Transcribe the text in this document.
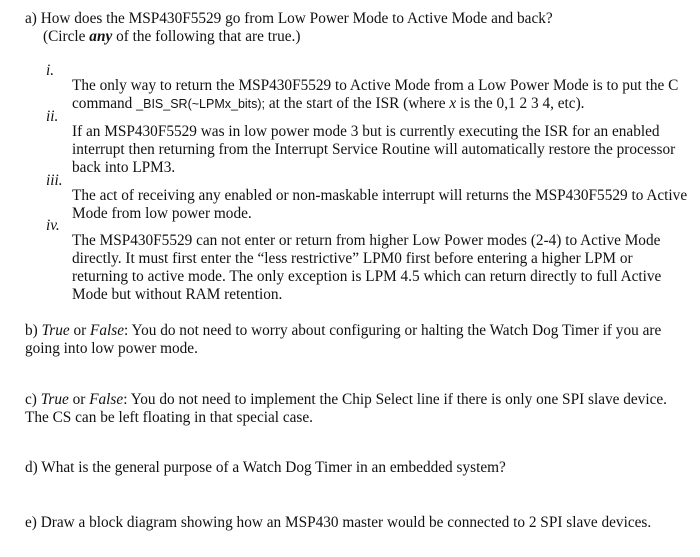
a) How does the MSP430F5529 go from Low Power Mode to Active Mode and back?

(Circle any of the following that are true.)

i.

The only way to return the MSP430F5529 to Active Mode from a Low Power Mode is to put the C command _BIS_SR(~LPMx_bits); at the start of the ISR (where x is the 0,1 2 3 4, etc).

ii.

If an MSP430F5529 was in low power mode 3 but is currently executing the ISR for an enabled interrupt then returning from the Interrupt Service Routine will automatically restore the processor back into LPM3.

iii.

The act of receiving any enabled or non-maskable interrupt will returns the MSP430F5529 to Active Mode from low power mode.

iv.

The MSP430F5529 can not enter or return from higher Low Power modes (2-4) to Active Mode directly. It must first enter the “less restrictive” LPM0 first before entering a higher LPM or returning to active mode. The only exception is LPM 4.5 which can return directly to full Active Mode but without RAM retention.

b) True or False: You do not need to worry about configuring or halting the Watch Dog Timer if you are going into low power mode.

c) True or False: You do not need to implement the Chip Select line if there is only one SPI slave device. The CS can be left floating in that special case.

d) What is the general purpose of a Watch Dog Timer in an embedded system?

e) Draw a block diagram showing how an MSP430 master would be connected to 2 SPI slave devices.
